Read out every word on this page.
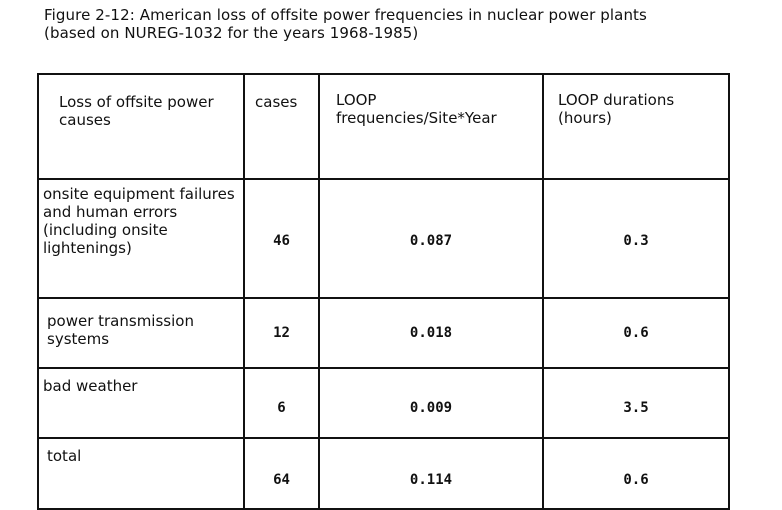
Figure 2-12: American loss of offsite power frequencies in nuclear power plants
(based on NUREG-1032 for the years 1968-1985)
Loss of offsite power causes	cases	LOOP frequencies/Site*Year	LOOP durations (hours)
onsite equipment failures and human errors (including onsite lightenings)	46	0.087	0.3
power transmission systems	12	0.018	0.6
bad weather	6	0.009	3.5
total	64	0.114	0.6
